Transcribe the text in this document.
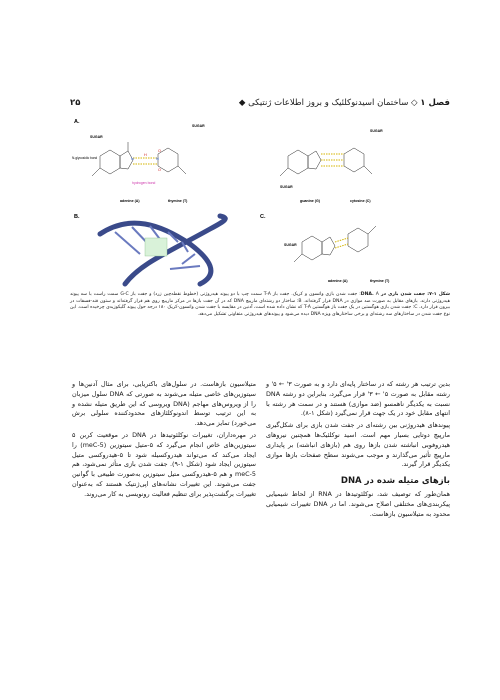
۲۵	فصل ۱ ◇ ساختمان اسیدنوکلئیک و بروز اطلاعات ژنتیکی ◆
A.
N	N
O
O
H
SUGAR
SUGAR
N-glycosidic bond
hydrogen bond
adenine (A)	thymine (T)
SUGAR
SUGAR
guanine (G)	cytosine (C)
B.	C.
SUGAR
adenine (A)	thymine (T)
شکل ۱-۷: جفت شدن بازی در DNA. A: جفت شدن بازی واتسون و کریک. جفت باز T-A سمت چپ با دو پیوند هیدروژنی (خطوط نقطه‌چین زرد) و جفت باز G-C سمت راست با سه پیوند هیدروژنی دارند. بازهای مقابل به صورت ضد موازی در DNA قرار گرفته‌اند. B: ساختار دو رشته‌ای مارپیچ DNA که در آن جفت بازها در مرکز مارپیچ روی هم قرار گرفته‌اند و ستون قند-فسفات در بیرون قرار دارد. C: جفت شدن بازی هوگستین در یک جفت باز هوگستین T-A که نشان داده شده است، آدنین در مقایسه با جفت شدن واتسون-کریک ۱۸۰ درجه حول پیوند گلیکوزیدی چرخیده است. این نوع جفت شدن در ساختارهای سه رشته‌ای و برخی ساختارهای ویژه DNA دیده می‌شود و پیوندهای هیدروژنی متفاوتی تشکیل می‌دهد.

بدین ترتیب هر رشته که در ساختار پایه‌ای دارد و به صورت ۳' ← ۵' و رشته مقابل به صورت ۵' ← ۳' قرار می‌گیرد، بنابراین دو رشته DNA نسبت به یکدیگر ناهمسو (ضد موازی) هستند و در سمت هر رشته با انتهای مقابل خود در یک جهت قرار نمی‌گیرد (شکل ۱-۸).

پیوندهای هیدروژنی بین رشته‌ای در جفت شدن بازی برای شکل‌گیری مارپیچ دوتایی بسیار مهم است. اسید نوکلئیک‌ها همچنین نیروهای هیدروفوبی انباشته شدن بازها روی هم (بازهای انباشته) بر پایداری مارپیچ تأثیر می‌گذارند و موجب می‌شوند سطح صفحات بازها موازی یکدیگر قرار گیرند.

بازهای متیله شده در DNA

همان‌طور که توصیف شد، نوکلئوتیدها در RNA از لحاظ شیمیایی پیکربندی‌های مختلفی اصلاح می‌شوند. اما در DNA تغییرات شیمیایی محدود به متیلاسیون بازهاست.

متیلاسیون بازهاست. در سلول‌های باکتریایی، برای مثال آدنین‌ها و سیتوزین‌های خاصی متیله می‌شوند به صورتی که DNA سلول میزبان را از ویروس‌های مهاجم (DNA ویروسی که این طریق متیله نشده و به این ترتیب توسط اندونوکلئازهای محدودکننده سلولی برش می‌خورد) تمایز می‌دهد.

در مهره‌داران، تغییرات نوکلئوتیدها در DNA در موقعیت کربن ۵ سیتوزین‌های خاص انجام می‌گیرد که ۵-متیل سیتوزین (5-meC) را ایجاد می‌کند که می‌تواند هیدروکسیله شود تا ۵-هیدروکسی متیل سیتوزین ایجاد شود (شکل ۱-۹). جفت شدن بازی متأثر نمی‌شود، هم 5-meC و هم ۵-هیدروکسی متیل سیتوزین به‌صورت طبیعی با گوانین جفت می‌شوند. این تغییرات نشانه‌های اپی‌ژنتیک هستند که به‌عنوان تغییرات برگشت‌پذیر برای تنظیم فعالیت رونویسی به کار می‌روند.
